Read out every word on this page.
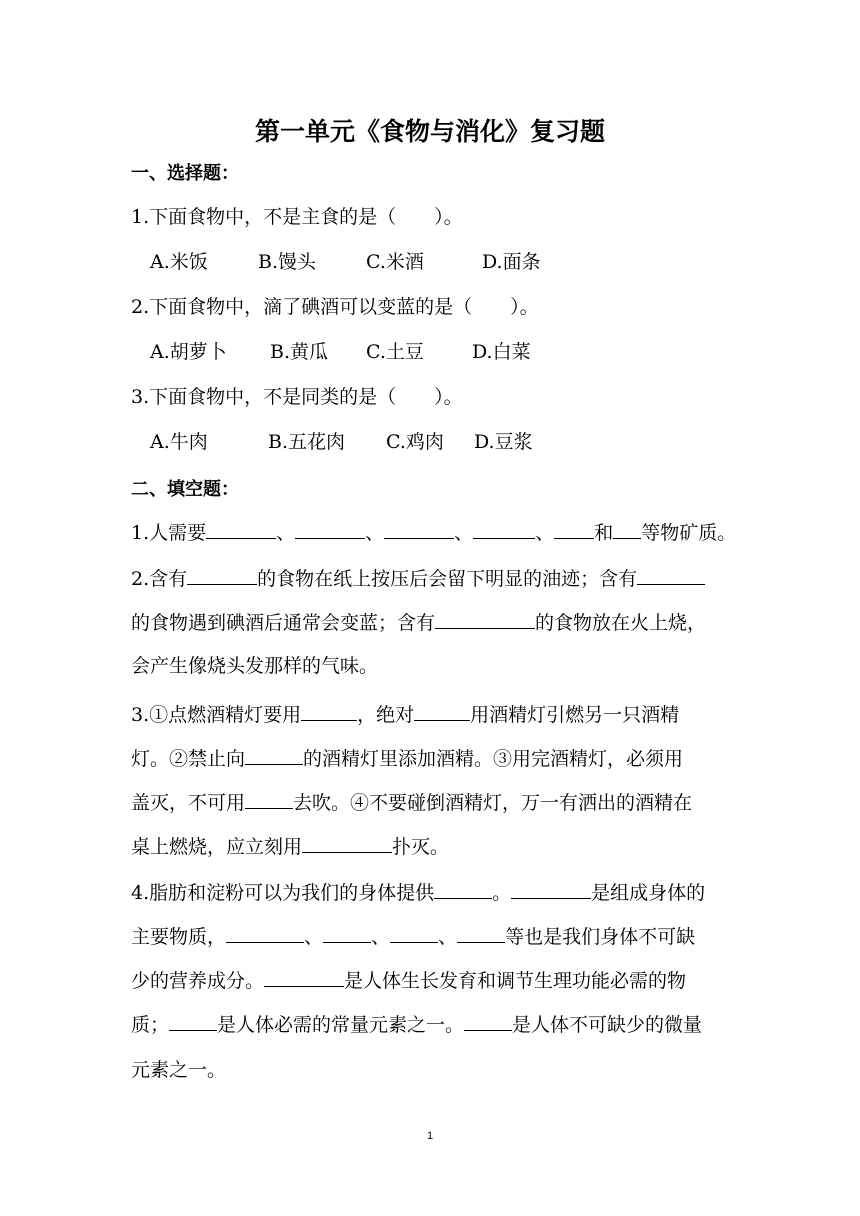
第一单元《食物与消化》复习题
一、选择题：
1.下面食物中，不是主食的是（　　）。
A.米饭	B.馒头	C.米酒	D.面条
2.下面食物中，滴了碘酒可以变蓝的是（　　）。
A.胡萝卜 B.黄瓜 C.土豆	D.白菜
3.下面食物中，不是同类的是（　　）。
A.牛肉	B.五花肉 C.鸡肉 D.豆浆
二、填空题：
1.人需要	、	、	、	、 和 等物矿质。
2.含有	的食物在纸上按压后会留下明显的油迹；含有
的食物遇到碘酒后通常会变蓝；含有	的食物放在火上烧，
会产生像烧头发那样的气味。
3.①点燃酒精灯要用	，绝对	用酒精灯引燃另一只酒精
灯。②禁止向	的酒精灯里添加酒精。③用完酒精灯，必须用
盖灭，不可用	去吹。④不要碰倒酒精灯，万一有洒出的酒精在
桌上燃烧，应立刻用	扑灭。
4.脂肪和淀粉可以为我们的身体提供	。	是组成身体的
主要物质，	、	、	、	等也是我们身体不可缺
少的营养成分。	是人体生长发育和调节生理功能必需的物
质；	是人体必需的常量元素之一。	是人体不可缺少的微量
元素之一。
1
